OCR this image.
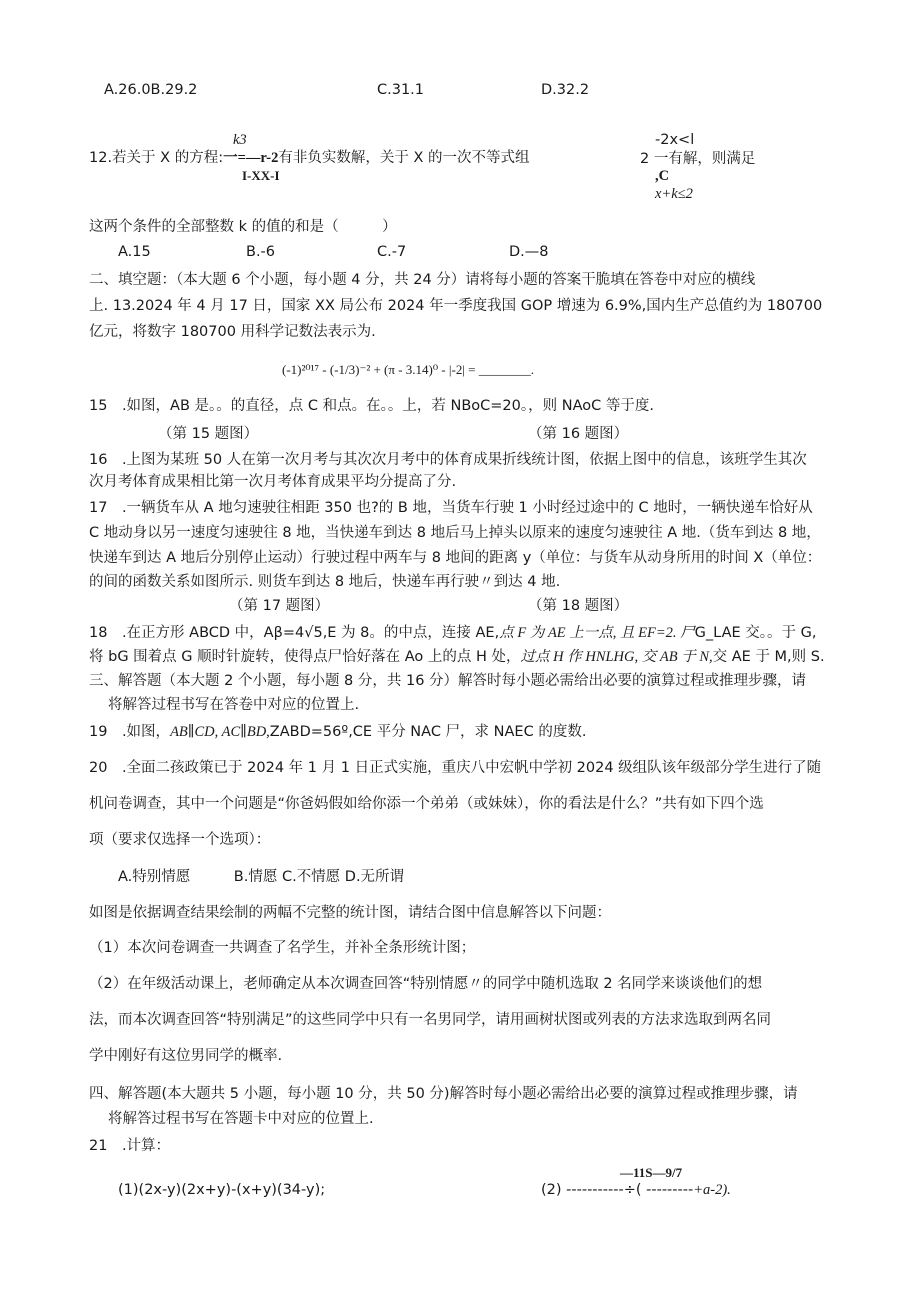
A.26.0B.29.2	C.31.1	D.32.2
k3
12.若关于 X 的方程:一=—r-2有非负实数解，关于 X 的一次不等式组
I-XX-I
-2x<l
2 一有解，则满足
,C
x+k≤2
这两个条件的全部整数 k 的值的和是（　　　）
A.15	B.-6	C.-7	D.—8
二、填空题：（本大题 6 个小题，每小题 4 分，共 24 分）请将每小题的答案干脆填在答卷中对应的横线
上. 13.2024 年 4 月 17 日，国家 XX 局公布 2024 年一季度我国 GOP 增速为 6.9%,国内生产总值约为 180700
亿元，将数字 180700 用科学记数法表示为.
(-1)²⁰¹⁷ - (-1/3)⁻² + (π - 3.14)⁰ - |-2| = ________.
15　.如图，AB 是。。的直径，点 C 和点。在。。上，若 NBoC=20。，则 NAoC 等于度.
（第 15 题图）	（第 16 题图）
16　.上图为某班 50 人在第一次月考与其次次月考中的体育成果折线统计图，依据上图中的信息，该班学生其次
次月考体育成果相比第一次月考体育成果平均分提高了分.
17　.一辆货车从 A 地匀速驶往相距 350 也?的 B 地，当货车行驶 1 小时经过途中的 C 地时，一辆快递车恰好从
C 地动身以另一速度匀速驶往 8 地，当快递车到达 8 地后马上掉头以原来的速度匀速驶往 A 地.（货车到达 8 地，
快递车到达 A 地后分别停止运动）行驶过程中两车与 8 地间的距离 y（单位：与货车从动身所用的时间 X（单位：
的间的函数关系如图所示. 则货车到达 8 地后，快递车再行驶〃到达 4 地.
（第 17 题图）	（第 18 题图）
18　.在正方形 ABCD 中，Aβ=4√5,E 为 8。的中点，连接 AE,点 F 为 AE 上一点, 且 EF=2. 尸G_LAE 交。。于 G,
将 bG 围着点 G 顺时针旋转，使得点尸恰好落在 Ao 上的点 H 处，过点 H 作 HNLHG, 交 AB 于 N,交 AE 于 M,则 S.
三、解答题（本大题 2 个小题，每小题 8 分，共 16 分）解答时每小题必需给出必要的演算过程或推理步骤，请
将解答过程书写在答卷中对应的位置上.
19　.如图，AB∥CD, AC∥BD,ZABD=56º,CE 平分 NAC 尸，求 NAEC 的度数.
20　.全面二孩政策已于 2024 年 1 月 1 日正式实施，重庆八中宏帆中学初 2024 级组队该年级部分学生进行了随
机问卷调查，其中一个问题是“你爸妈假如给你添一个弟弟（或妹妹），你的看法是什么？”共有如下四个选
项（要求仅选择一个选项）：
A.特别情愿　　　B.情愿 C.不情愿 D.无所谓
如图是依据调查结果绘制的两幅不完整的统计图，请结合图中信息解答以下问题：
（1）本次问卷调查一共调查了名学生，并补全条形统计图；
（2）在年级活动课上，老师确定从本次调查回答“特别情愿〃的同学中随机选取 2 名同学来谈谈他们的想
法，而本次调查回答“特别满足”的这些同学中只有一名男同学，请用画树状图或列表的方法求选取到两名同
学中刚好有这位男同学的概率.
四、解答题(本大题共 5 小题，每小题 10 分，共 50 分)解答时每小题必需给出必要的演算过程或推理步骤，请
将解答过程书写在答题卡中对应的位置上.
21　.计算：
(1)(2x-y)(2x+y)-(x+y)(34-y);
—11S—9/7
(2) -----------÷( ---------+a-2).
